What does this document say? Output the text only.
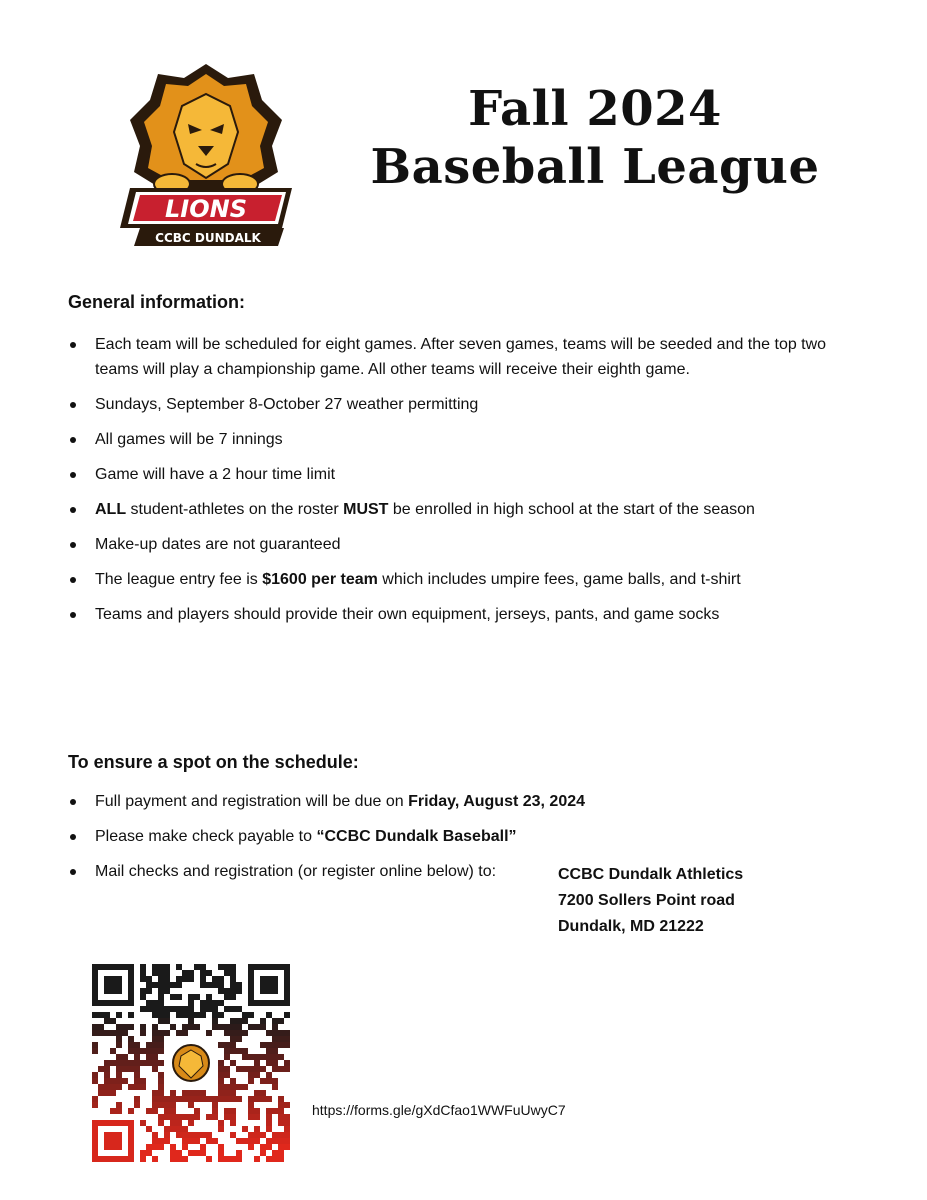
LIONS
CCBC DUNDALK
Fall 2024
Baseball League
General information:
Each team will be scheduled for eight games. After seven games, teams will be seeded and the top two teams will play a championship game. All other teams will receive their eighth game.
Sundays, September 8-October 27 weather permitting
All games will be 7 innings
Game will have a 2 hour time limit
ALL student-athletes on the roster MUST be enrolled in high school at the start of the season
Make-up dates are not guaranteed
The league entry fee is $1600 per team which includes umpire fees, game balls, and t-shirt
Teams and players should provide their own equipment, jerseys, pants, and game socks
To ensure a spot on the schedule:
Full payment and registration will be due on Friday, August 23, 2024
Please make check payable to “CCBC Dundalk Baseball”
Mail checks and registration (or register online below) to:	CCBC Dundalk Athletics
7200 Sollers Point road
Dundalk, MD 21222
https://forms.gle/gXdCfao1WWFuUwyC7
